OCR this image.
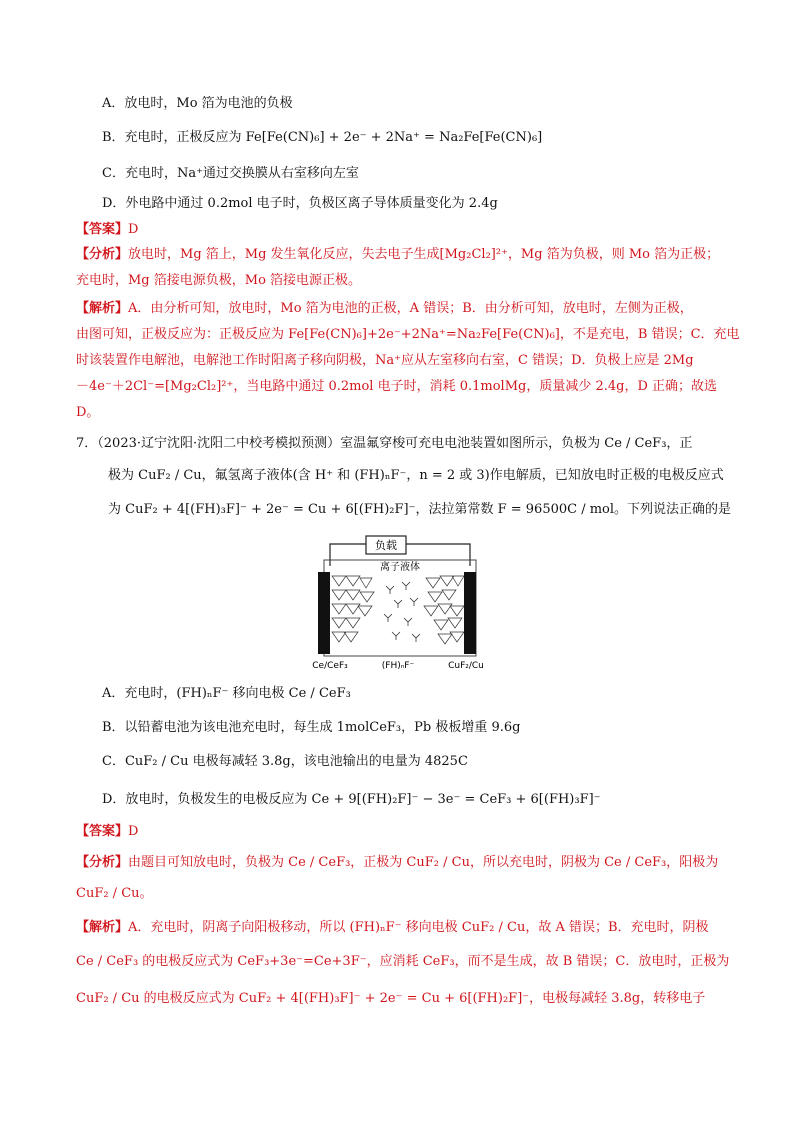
A．放电时，Mo 箔为电池的负极
B．充电时，正极反应为 Fe[Fe(CN)₆] + 2e⁻ + 2Na⁺ = Na₂Fe[Fe(CN)₆]
C．充电时，Na⁺通过交换膜从右室移向左室
D．外电路中通过 0.2mol 电子时，负极区离子导体质量变化为 2.4g
【答案】D
【分析】放电时，Mg 箔上，Mg 发生氧化反应，失去电子生成[Mg₂Cl₂]²⁺，Mg 箔为负极，则 Mo 箔为正极；
充电时，Mg 箔接电源负极，Mo 箔接电源正极。
【解析】A．由分析可知，放电时，Mo 箔为电池的正极，A 错误；B．由分析可知，放电时，左侧为正极，
由图可知，正极反应为：正极反应为 Fe[Fe(CN)₆]+2e⁻+2Na⁺=Na₂Fe[Fe(CN)₆]，不是充电，B 错误；C．充电
时该装置作电解池，电解池工作时阳离子移向阴极，Na⁺应从左室移向右室，C 错误；D．负极上应是 2Mg
－4e⁻＋2Cl⁻=[Mg₂Cl₂]²⁺，当电路中通过 0.2mol 电子时，消耗 0.1molMg，质量减少 2.4g，D 正确；故选
D。
7．（2023·辽宁沈阳·沈阳二中校考模拟预测）室温氟穿梭可充电电池装置如图所示，负极为 Ce / CeF₃，正
极为 CuF₂ / Cu，氟氢离子液体(含 H⁺ 和 (FH)ₙF⁻，n = 2 或 3)作电解质，已知放电时正极的电极反应式
为 CuF₂ + 4[(FH)₃F]⁻ + 2e⁻ = Cu + 6[(FH)₂F]⁻，法拉第常数 F = 96500C / mol。下列说法正确的是
负载
离子液体
Ce/CeF₃	(FH)ₙF⁻	CuF₂/Cu
A．充电时，(FH)ₙF⁻ 移向电极 Ce / CeF₃
B．以铅蓄电池为该电池充电时，每生成 1molCeF₃，Pb 极板增重 9.6g
C．CuF₂ / Cu 电极每减轻 3.8g，该电池输出的电量为 4825C
D．放电时，负极发生的电极反应为 Ce + 9[(FH)₂F]⁻ − 3e⁻ = CeF₃ + 6[(FH)₃F]⁻
【答案】D
【分析】由题目可知放电时，负极为 Ce / CeF₃，正极为 CuF₂ / Cu，所以充电时，阴极为 Ce / CeF₃，阳极为
CuF₂ / Cu。
【解析】A．充电时，阴离子向阳极移动，所以 (FH)ₙF⁻ 移向电极 CuF₂ / Cu，故 A 错误；B．充电时，阴极
Ce / CeF₃ 的电极反应式为 CeF₃+3e⁻=Ce+3F⁻，应消耗 CeF₃，而不是生成，故 B 错误；C．放电时，正极为
CuF₂ / Cu 的电极反应式为 CuF₂ + 4[(FH)₃F]⁻ + 2e⁻ = Cu + 6[(FH)₂F]⁻，电极每减轻 3.8g，转移电子
